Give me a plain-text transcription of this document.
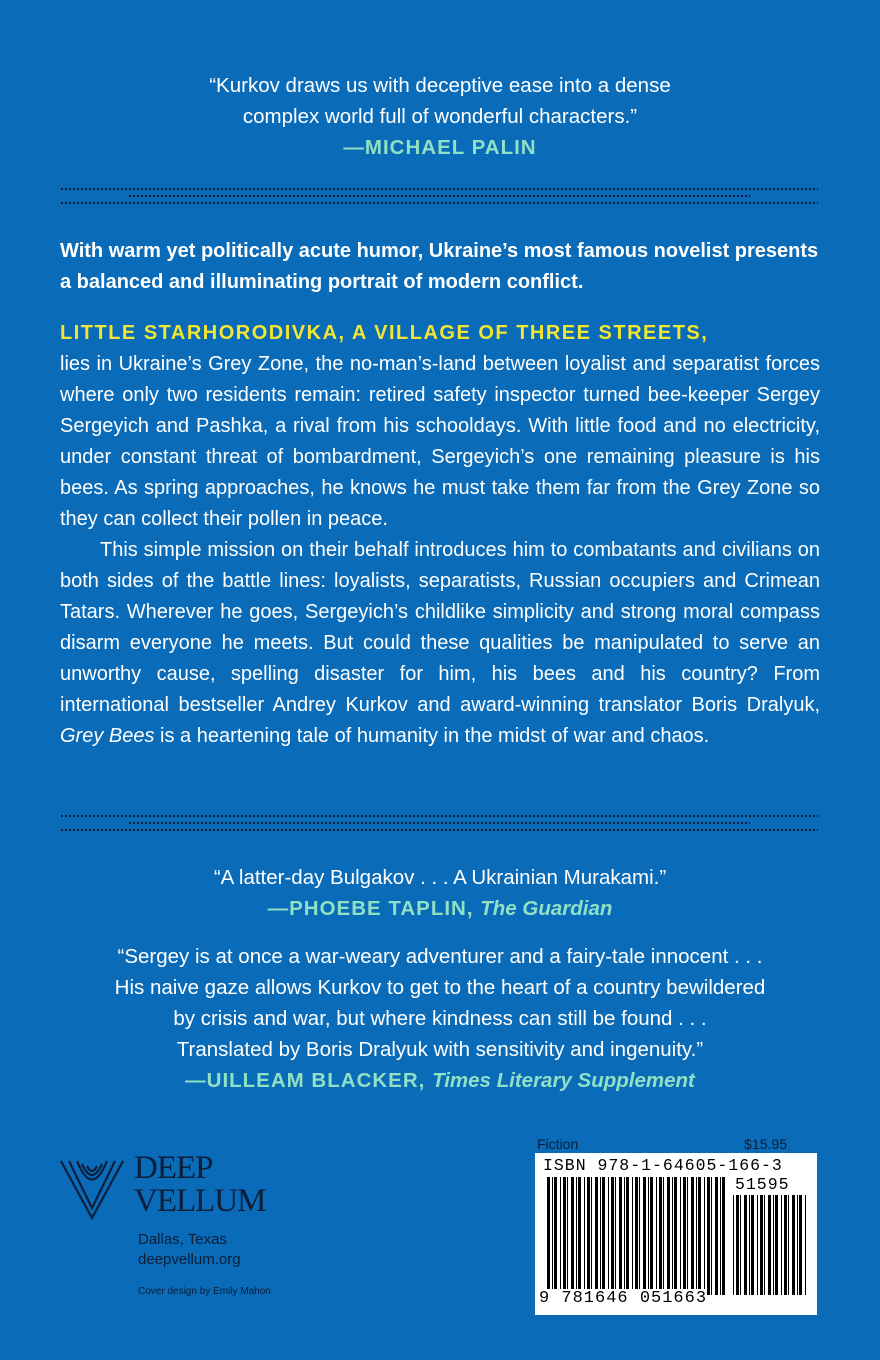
“Kurkov draws us with deceptive ease into a dense
complex world full of wonderful characters.”
—MICHAEL PALIN
With warm yet politically acute humor, Ukraine’s most famous novelist presents a balanced and illuminating portrait of modern conflict.
LITTLE STARHORODIVKA, A VILLAGE OF THREE STREETS,

lies in Ukraine’s Grey Zone, the no-man’s-land between loyalist and separatist forces where only two residents remain: retired safety inspector turned bee-keeper Sergey Sergeyich and Pashka, a rival from his schooldays. With little food and no electricity, under constant threat of bombardment, Sergeyich’s one remaining pleasure is his bees. As spring approaches, he knows he must take them far from the Grey Zone so they can collect their pollen in peace.

This simple mission on their behalf introduces him to combatants and civilians on both sides of the battle lines: loyalists, separatists, Russian occupiers and Crimean Tatars. Wherever he goes, Sergeyich’s childlike simplicity and strong moral compass disarm everyone he meets. But could these qualities be manipulated to serve an unworthy cause, spelling disaster for him, his bees and his country? From international bestseller Andrey Kurkov and award-winning translator Boris Dralyuk, Grey Bees is a heartening tale of humanity in the midst of war and chaos.

“A latter-day Bulgakov . . . A Ukrainian Murakami.”
—PHOEBE TAPLIN, The Guardian
“Sergey is at once a war-weary adventurer and a fairy-tale innocent . . .
His naive gaze allows Kurkov to get to the heart of a country bewildered
by crisis and war, but where kindness can still be found . . .
Translated by Boris Dralyuk with sensitivity and ingenuity.”
—UILLEAM BLACKER, Times Literary Supplement
DEEP
VELLUM
Dallas, Texas
deepvellum.org
Cover design by Emily Mahon
Fiction	$15.95
ISBN 978-1-64605-166-3
51595
9 781646 051663
